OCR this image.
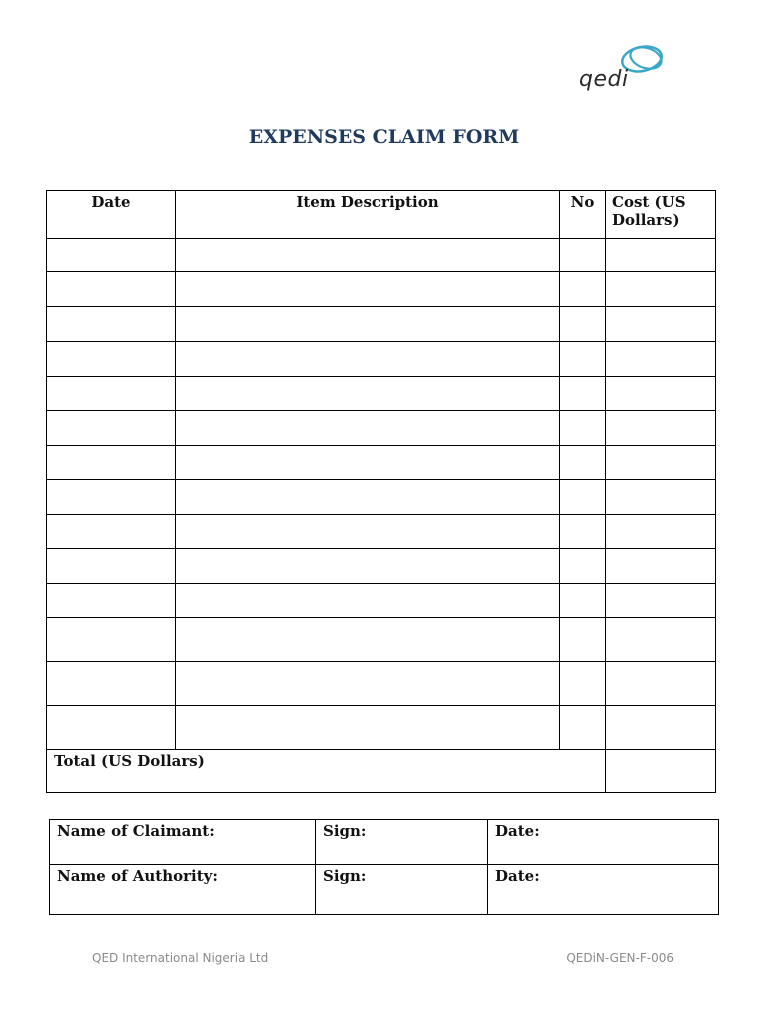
qedi
EXPENSES CLAIM FORM
Date	Item Description	No	Cost (US Dollars)

Total (US Dollars)			
Name of Claimant:	Sign:	Date:
Name of Authority:	Sign:	Date:
QED International Nigeria Ltd	QEDiN-GEN-F-006
